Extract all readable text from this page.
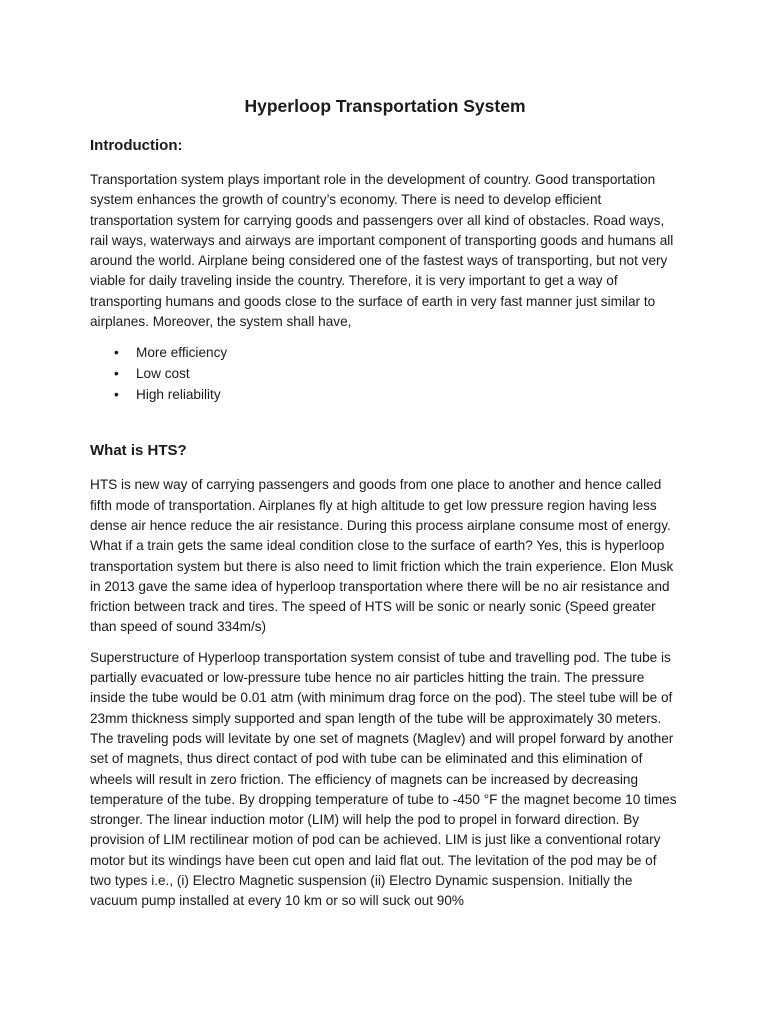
Hyperloop Transportation System
Introduction:

Transportation system plays important role in the development of country. Good transportation system enhances the growth of country’s economy. There is need to develop efficient transportation system for carrying goods and passengers over all kind of obstacles. Road ways, rail ways, waterways and airways are important component of transporting goods and humans all around the world. Airplane being considered one of the fastest ways of transporting, but not very viable for daily traveling inside the country. Therefore, it is very important to get a way of transporting humans and goods close to the surface of earth in very fast manner just similar to airplanes. Moreover, the system shall have,

• More efficiency
• Low cost
• High reliability
What is HTS?

HTS is new way of carrying passengers and goods from one place to another and hence called fifth mode of transportation. Airplanes fly at high altitude to get low pressure region having less dense air hence reduce the air resistance. During this process airplane consume most of energy. What if a train gets the same ideal condition close to the surface of earth? Yes, this is hyperloop transportation system but there is also need to limit friction which the train experience. Elon Musk in 2013 gave the same idea of hyperloop transportation where there will be no air resistance and friction between track and tires. The speed of HTS will be sonic or nearly sonic (Speed greater than speed of sound 334m/s)

Superstructure of Hyperloop transportation system consist of tube and travelling pod. The tube is partially evacuated or low-pressure tube hence no air particles hitting the train. The pressure inside the tube would be 0.01 atm (with minimum drag force on the pod). The steel tube will be of 23mm thickness simply supported and span length of the tube will be approximately 30 meters. The traveling pods will levitate by one set of magnets (Maglev) and will propel forward by another set of magnets, thus direct contact of pod with tube can be eliminated and this elimination of wheels will result in zero friction. The efficiency of magnets can be increased by decreasing temperature of the tube. By dropping temperature of tube to -450 °F the magnet become 10 times stronger. The linear induction motor (LIM) will help the pod to propel in forward direction. By provision of LIM rectilinear motion of pod can be achieved. LIM is just like a conventional rotary motor but its windings have been cut open and laid flat out. The levitation of the pod may be of two types i.e., (i) Electro Magnetic suspension (ii) Electro Dynamic suspension. Initially the vacuum pump installed at every 10 km or so will suck out 90%
